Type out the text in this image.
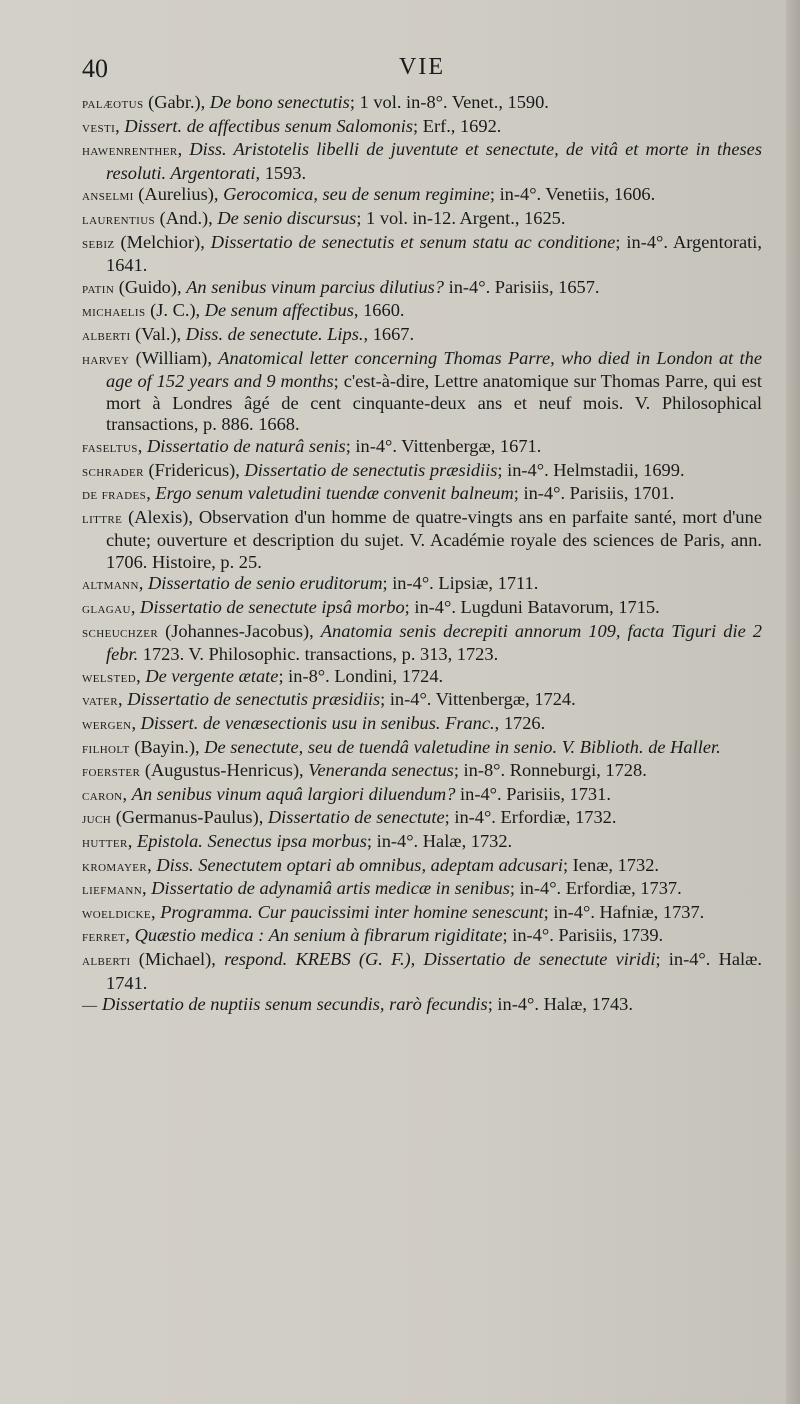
40	VIE

palæotus (Gabr.), De bono senectutis; 1 vol. in-8°. Venet., 1590.

vesti, Dissert. de affectibus senum Salomonis; Erf., 1692.

hawenrenther, Diss. Aristotelis libelli de juventute et senectute, de vitâ et morte in theses resoluti. Argentorati, 1593.

anselmi (Aurelius), Gerocomica, seu de senum regimine; in-4°. Venetiis, 1606.

laurentius (And.), De senio discursus; 1 vol. in-12. Argent., 1625.

sebiz (Melchior), Dissertatio de senectutis et senum statu ac conditione; in-4°. Argentorati, 1641.

patin (Guido), An senibus vinum parcius dilutius? in-4°. Parisiis, 1657.

michaelis (J. C.), De senum affectibus, 1660.

alberti (Val.), Diss. de senectute. Lips., 1667.

harvey (William), Anatomical letter concerning Thomas Parre, who died in London at the age of 152 years and 9 months; c'est-à-dire, Lettre anatomique sur Thomas Parre, qui est mort à Londres âgé de cent cinquante-deux ans et neuf mois. V. Philosophical transactions, p. 886. 1668.

faseltus, Dissertatio de naturâ senis; in-4°. Vittenbergæ, 1671.

schrader (Fridericus), Dissertatio de senectutis præsidiis; in-4°. Helmstadii, 1699.

de frades, Ergo senum valetudini tuendæ convenit balneum; in-4°. Parisiis, 1701.

littre (Alexis), Observation d'un homme de quatre-vingts ans en parfaite santé, mort d'une chute; ouverture et description du sujet. V. Académie royale des sciences de Paris, ann. 1706. Histoire, p. 25.

altmann, Dissertatio de senio eruditorum; in-4°. Lipsiæ, 1711.

glagau, Dissertatio de senectute ipsâ morbo; in-4°. Lugduni Batavorum, 1715.

scheuchzer (Johannes-Jacobus), Anatomia senis decrepiti annorum 109, facta Tiguri die 2 febr. 1723. V. Philosophic. transactions, p. 313, 1723.

welsted, De vergente ætate; in-8°. Londini, 1724.

vater, Dissertatio de senectutis præsidiis; in-4°. Vittenbergæ, 1724.

wergen, Dissert. de venæsectionis usu in senibus. Franc., 1726.

filholt (Bayin.), De senectute, seu de tuendâ valetudine in senio. V. Biblioth. de Haller.

foerster (Augustus-Henricus), Veneranda senectus; in-8°. Ronneburgi, 1728.

caron, An senibus vinum aquâ largiori diluendum? in-4°. Parisiis, 1731.

juch (Germanus-Paulus), Dissertatio de senectute; in-4°. Erfordiæ, 1732.

hutter, Epistola. Senectus ipsa morbus; in-4°. Halæ, 1732.

kromayer, Diss. Senectutem optari ab omnibus, adeptam adcusari; Ienæ, 1732.

liefmann, Dissertatio de adynamiâ artis medicæ in senibus; in-4°. Erfordiæ, 1737.

woeldicke, Programma. Cur paucissimi inter homine senescunt; in-4°. Hafniæ, 1737.

ferret, Quæstio medica : An senium à fibrarum rigiditate; in-4°. Parisiis, 1739.

alberti (Michael), respond. KREBS (G. F.), Dissertatio de senectute viridi; in-4°. Halæ. 1741.

— Dissertatio de nuptiis senum secundis, rarò fecundis; in-4°. Halæ, 1743.
